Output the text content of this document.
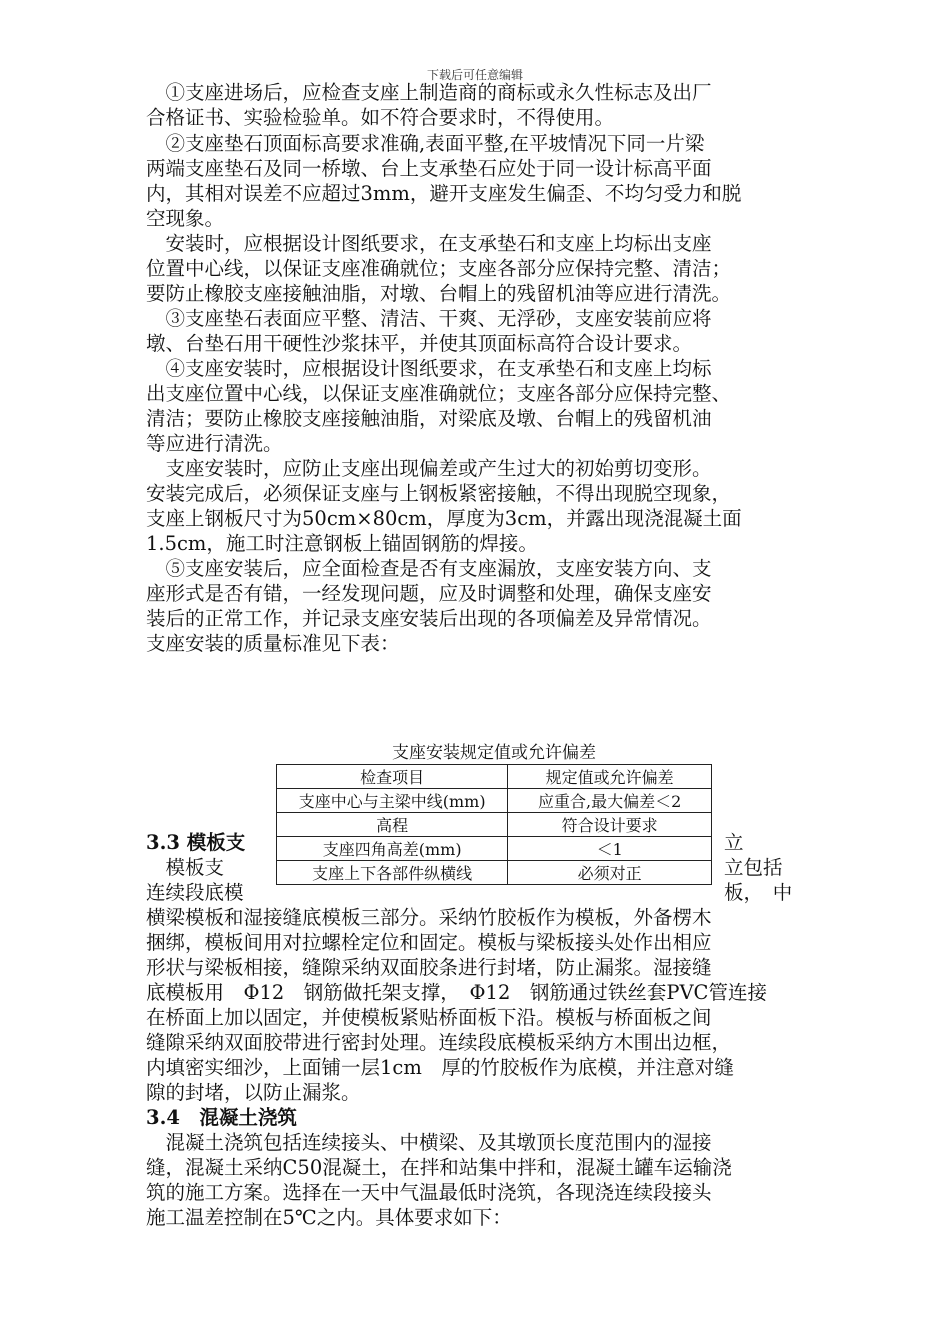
下载后可任意编辑
　①支座进场后，应检查支座上制造商的商标或永久性标志及出厂
合格证书、实验检验单。如不符合要求时，不得使用。
　②支座垫石顶面标高要求准确,表面平整,在平坡情况下同一片梁
两端支座垫石及同一桥墩、台上支承垫石应处于同一设计标高平面
内，其相对误差不应超过3mm，避开支座发生偏歪、不均匀受力和脱
空现象。
　安装时，应根据设计图纸要求，在支承垫石和支座上均标出支座
位置中心线，以保证支座准确就位；支座各部分应保持完整、清洁；
要防止橡胶支座接触油脂，对墩、台帽上的残留机油等应进行清洗。
　③支座垫石表面应平整、清洁、干爽、无浮砂，支座安装前应将
墩、台垫石用干硬性沙浆抹平，并使其顶面标高符合设计要求。
　④支座安装时，应根据设计图纸要求，在支承垫石和支座上均标
出支座位置中心线，以保证支座准确就位；支座各部分应保持完整、
清洁；要防止橡胶支座接触油脂，对梁底及墩、台帽上的残留机油
等应进行清洗。
　支座安装时，应防止支座出现偏差或产生过大的初始剪切变形。
安装完成后，必须保证支座与上钢板紧密接触，不得出现脱空现象，
支座上钢板尺寸为50cm×80cm，厚度为3cm，并露出现浇混凝土面
1.5cm，施工时注意钢板上锚固钢筋的焊接。
　⑤支座安装后，应全面检查是否有支座漏放，支座安装方向、支
座形式是否有错，一经发现问题，应及时调整和处理，确保支座安
装后的正常工作，并记录支座安装后出现的各项偏差及异常情况。
支座安装的质量标准见下表：
支座安装规定值或允许偏差
检查项目	规定值或允许偏差
支座中心与主梁中线(mm)	应重合,最大偏差＜2
高程	符合设计要求
支座四角高差(mm)	＜1
支座上下各部件纵横线	必须对正
3.3 模板支	立
　模板支	立包括
连续段底模	板，　中
横梁模板和湿接缝底模板三部分。采纳竹胶板作为模板，外备楞木
捆绑，模板间用对拉螺栓定位和固定。模板与梁板接头处作出相应
形状与梁板相接，缝隙采纳双面胶条进行封堵，防止漏浆。湿接缝
底模板用　Φ12　钢筋做托架支撑，　Φ12　钢筋通过铁丝套PVC管连接
在桥面上加以固定，并使模板紧贴桥面板下沿。模板与桥面板之间
缝隙采纳双面胶带进行密封处理。连续段底模板采纳方木围出边框，
内填密实细沙，上面铺一层1cm　厚的竹胶板作为底模，并注意对缝
隙的封堵，以防止漏浆。
3.4　混凝土浇筑
　混凝土浇筑包括连续接头、中横梁、及其墩顶长度范围内的湿接
缝，混凝土采纳C50混凝土，在拌和站集中拌和，混凝土罐车运输浇
筑的施工方案。选择在一天中气温最低时浇筑，各现浇连续段接头
施工温差控制在5℃之内。具体要求如下：
